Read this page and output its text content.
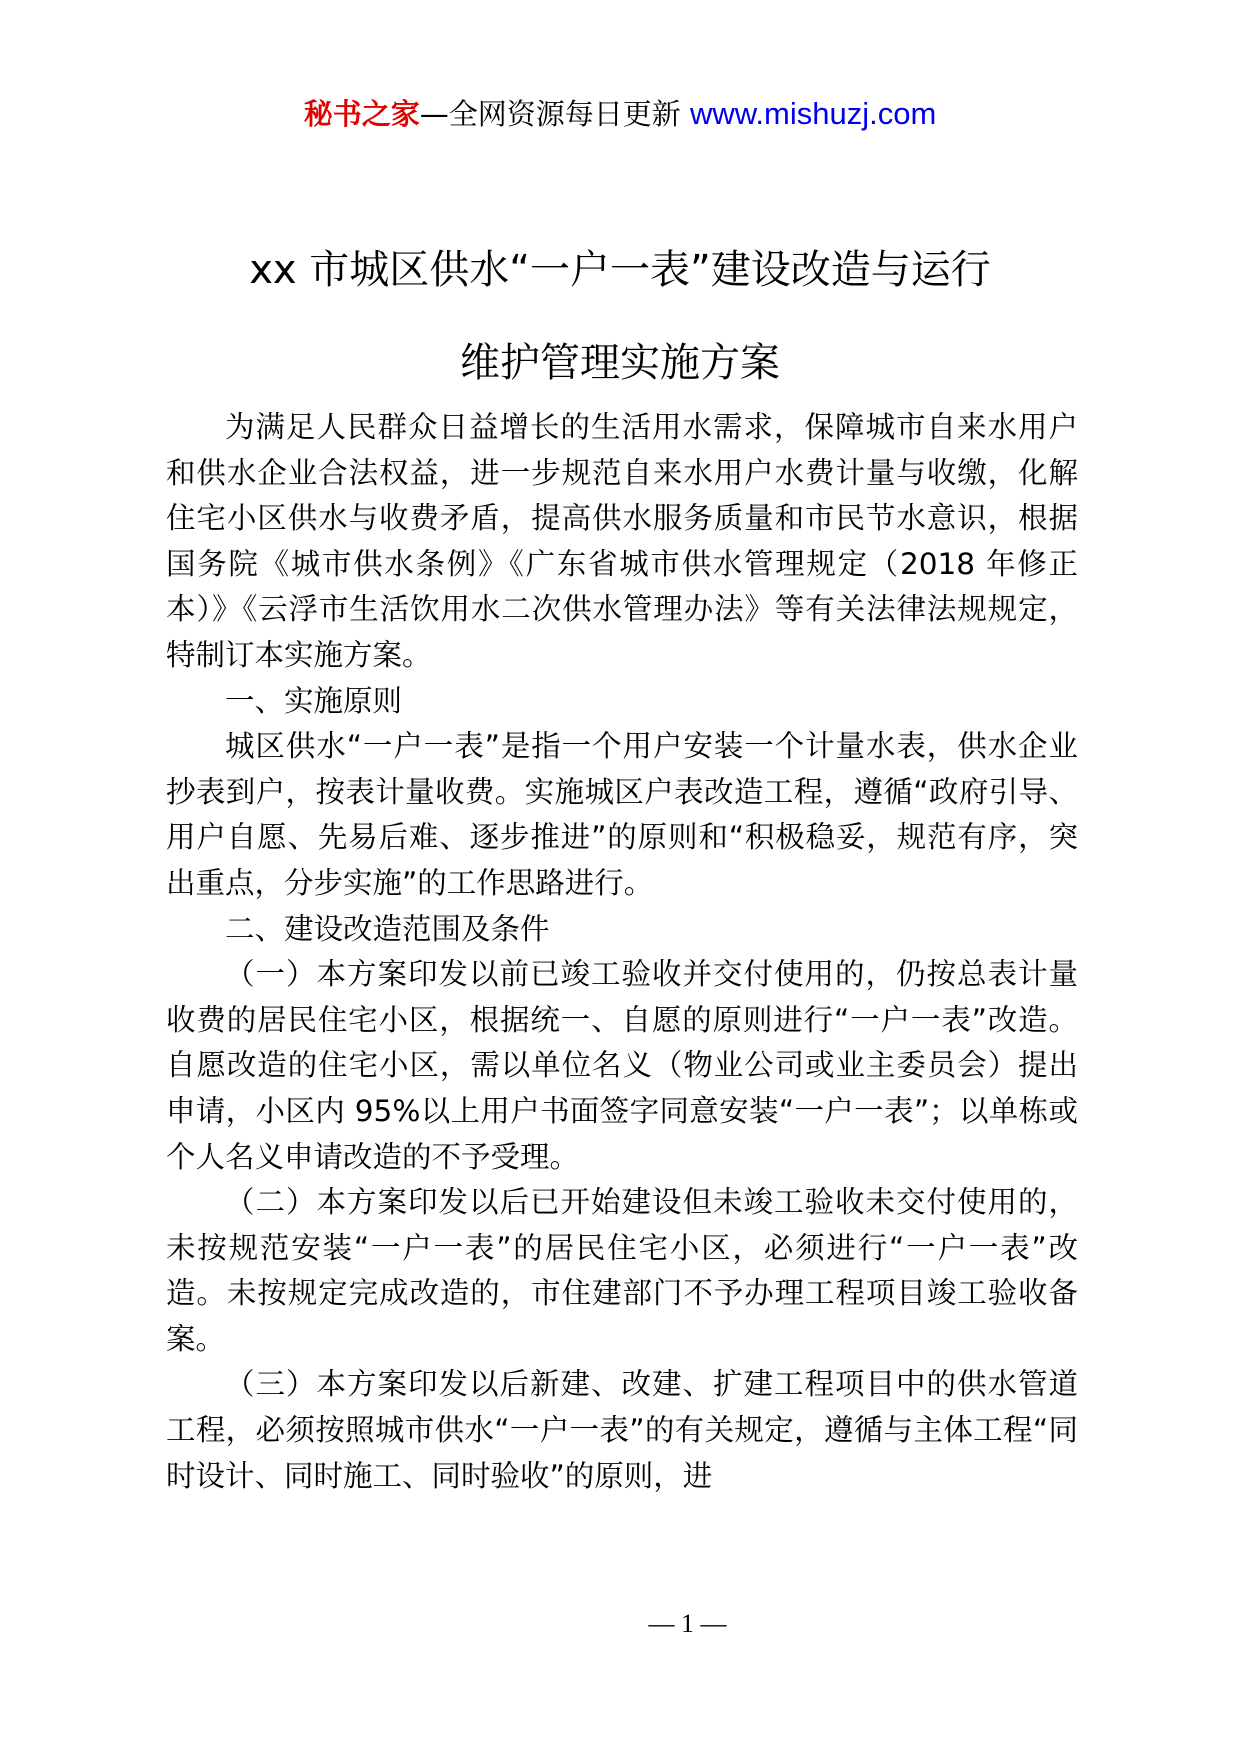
秘书之家—全网资源每日更新 www.mishuzj.com
xx 市城区供水“一户一表”建设改造与运行
维护管理实施方案

为满足人民群众日益增长的生活用水需求，保障城市自来水用户和供水企业合法权益，进一步规范自来水用户水费计量与收缴，化解住宅小区供水与收费矛盾，提高供水服务质量和市民节水意识，根据国务院《城市供水条例》《广东省城市供水管理规定（2018 年修正本）》《云浮市生活饮用水二次供水管理办法》等有关法律法规规定，特制订本实施方案。

一、实施原则

城区供水“一户一表”是指一个用户安装一个计量水表，供水企业抄表到户，按表计量收费。实施城区户表改造工程，遵循“政府引导、用户自愿、先易后难、逐步推进”的原则和“积极稳妥，规范有序，突出重点，分步实施”的工作思路进行。

二、建设改造范围及条件

（一）本方案印发以前已竣工验收并交付使用的，仍按总表计量收费的居民住宅小区，根据统一、自愿的原则进行“一户一表”改造。自愿改造的住宅小区，需以单位名义（物业公司或业主委员会）提出申请，小区内 95%以上用户书面签字同意安装“一户一表”；以单栋或个人名义申请改造的不予受理。

（二）本方案印发以后已开始建设但未竣工验收未交付使用的，未按规范安装“一户一表”的居民住宅小区，必须进行“一户一表”改造。未按规定完成改造的，市住建部门不予办理工程项目竣工验收备案。

（三）本方案印发以后新建、改建、扩建工程项目中的供水管道工程，必须按照城市供水“一户一表”的有关规定，遵循与主体工程“同时设计、同时施工、同时验收”的原则，进

— 1 —
